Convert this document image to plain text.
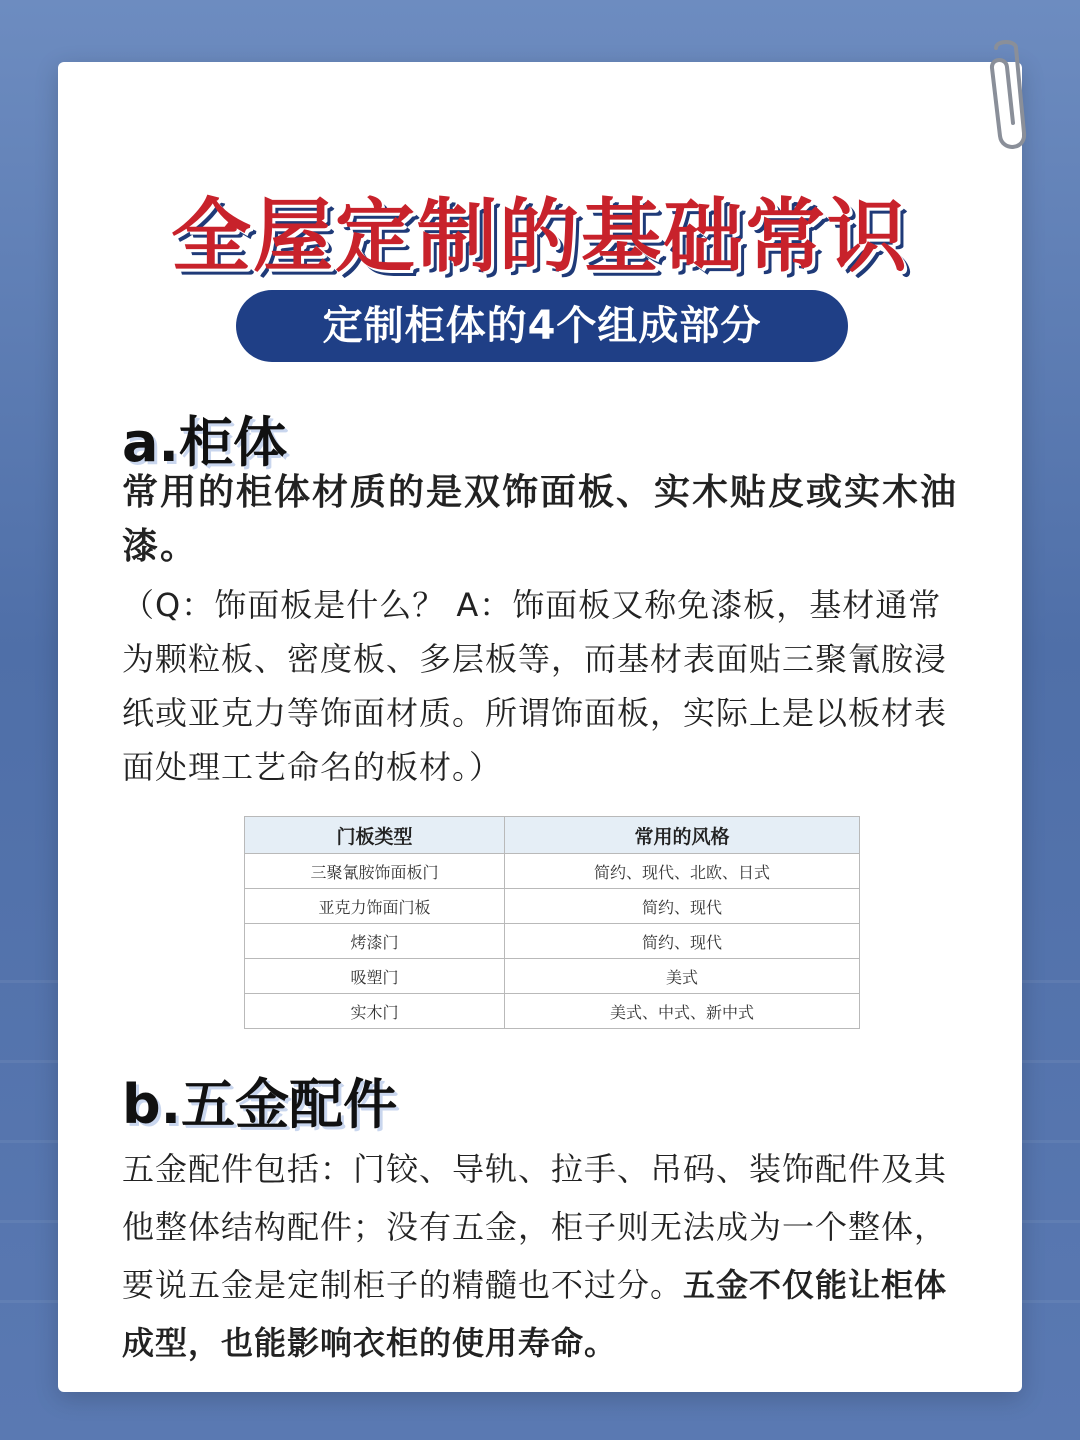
全屋定制的基础常识
定制柜体的4个组成部分
a.柜体
常用的柜体材质的是双饰面板、实木贴皮或实木油漆。
（Q：饰面板是什么？ A：饰面板又称免漆板，基材通常为颗粒板、密度板、多层板等，而基材表面贴三聚氰胺浸纸或亚克力等饰面材质。所谓饰面板，实际上是以板材表面处理工艺命名的板材。）
门板类型	常用的风格
三聚氰胺饰面板门	简约、现代、北欧、日式
亚克力饰面门板	简约、现代
烤漆门	简约、现代
吸塑门	美式
实木门	美式、中式、新中式
b.五金配件
五金配件包括：门铰、导轨、拉手、吊码、装饰配件及其他整体结构配件；没有五金，柜子则无法成为一个整体，要说五金是定制柜子的精髓也不过分。五金不仅能让柜体成型，也能影响衣柜的使用寿命。
